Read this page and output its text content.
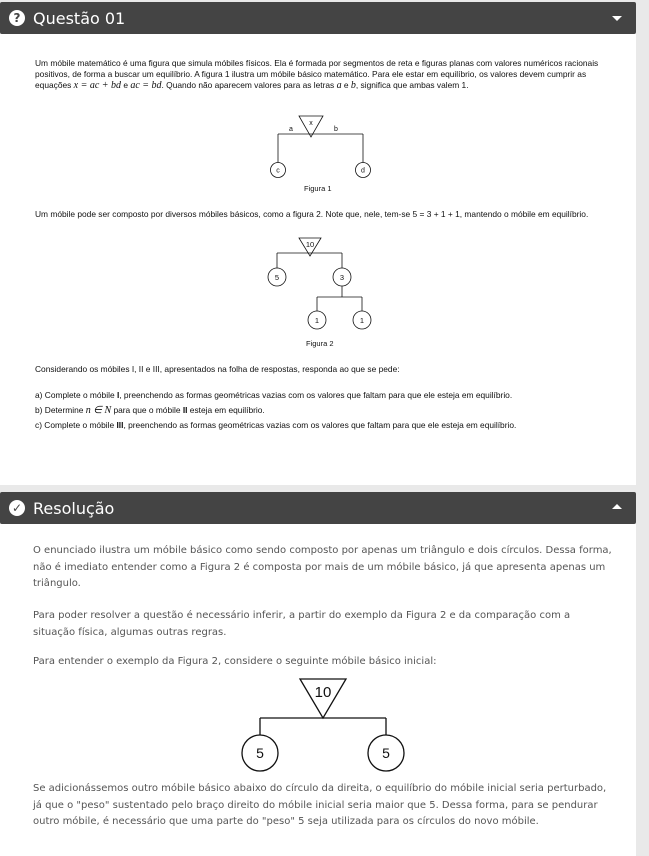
? Questão 01

Um móbile matemático é uma figura que simula móbiles físicos. Ela é formada por segmentos de reta e figuras planas com valores numéricos racionais positivos, de forma a buscar um equilíbrio. A figura 1 ilustra um móbile básico matemático. Para ele estar em equilíbrio, os valores devem cumprir as equações x = ac + bd e ac = bd. Quando não aparecem valores para as letras a e b, significa que ambas valem 1.

x
a	b
c	d
Figura 1

Um móbile pode ser composto por diversos móbiles básicos, como a figura 2. Note que, nele, tem-se 5 = 3 + 1 + 1, mantendo o móbile em equilíbrio.

10
5	3
1	1
Figura 2

Considerando os móbiles I, II e III, apresentados na folha de respostas, responda ao que se pede:

a) Complete o móbile I, preenchendo as formas geométricas vazias com os valores que faltam para que ele esteja em equilíbrio.

b) Determine n ∈ N para que o móbile II esteja em equilíbrio.

c) Complete o móbile III, preenchendo as formas geométricas vazias com os valores que faltam para que ele esteja em equilíbrio.

✓ Resolução

O enunciado ilustra um móbile básico como sendo composto por apenas um triângulo e dois círculos. Dessa forma, não é imediato entender como a Figura 2 é composta por mais de um móbile básico, já que apresenta apenas um triângulo.

Para poder resolver a questão é necessário inferir, a partir do exemplo da Figura 2 e da comparação com a situação física, algumas outras regras.

Para entender o exemplo da Figura 2, considere o seguinte móbile básico inicial:

10
5	5

Se adicionássemos outro móbile básico abaixo do círculo da direita, o equilíbrio do móbile inicial seria perturbado, já que o "peso" sustentado pelo braço direito do móbile inicial seria maior que 5. Dessa forma, para se pendurar outro móbile, é necessário que uma parte do "peso" 5 seja utilizada para os círculos do novo móbile.
